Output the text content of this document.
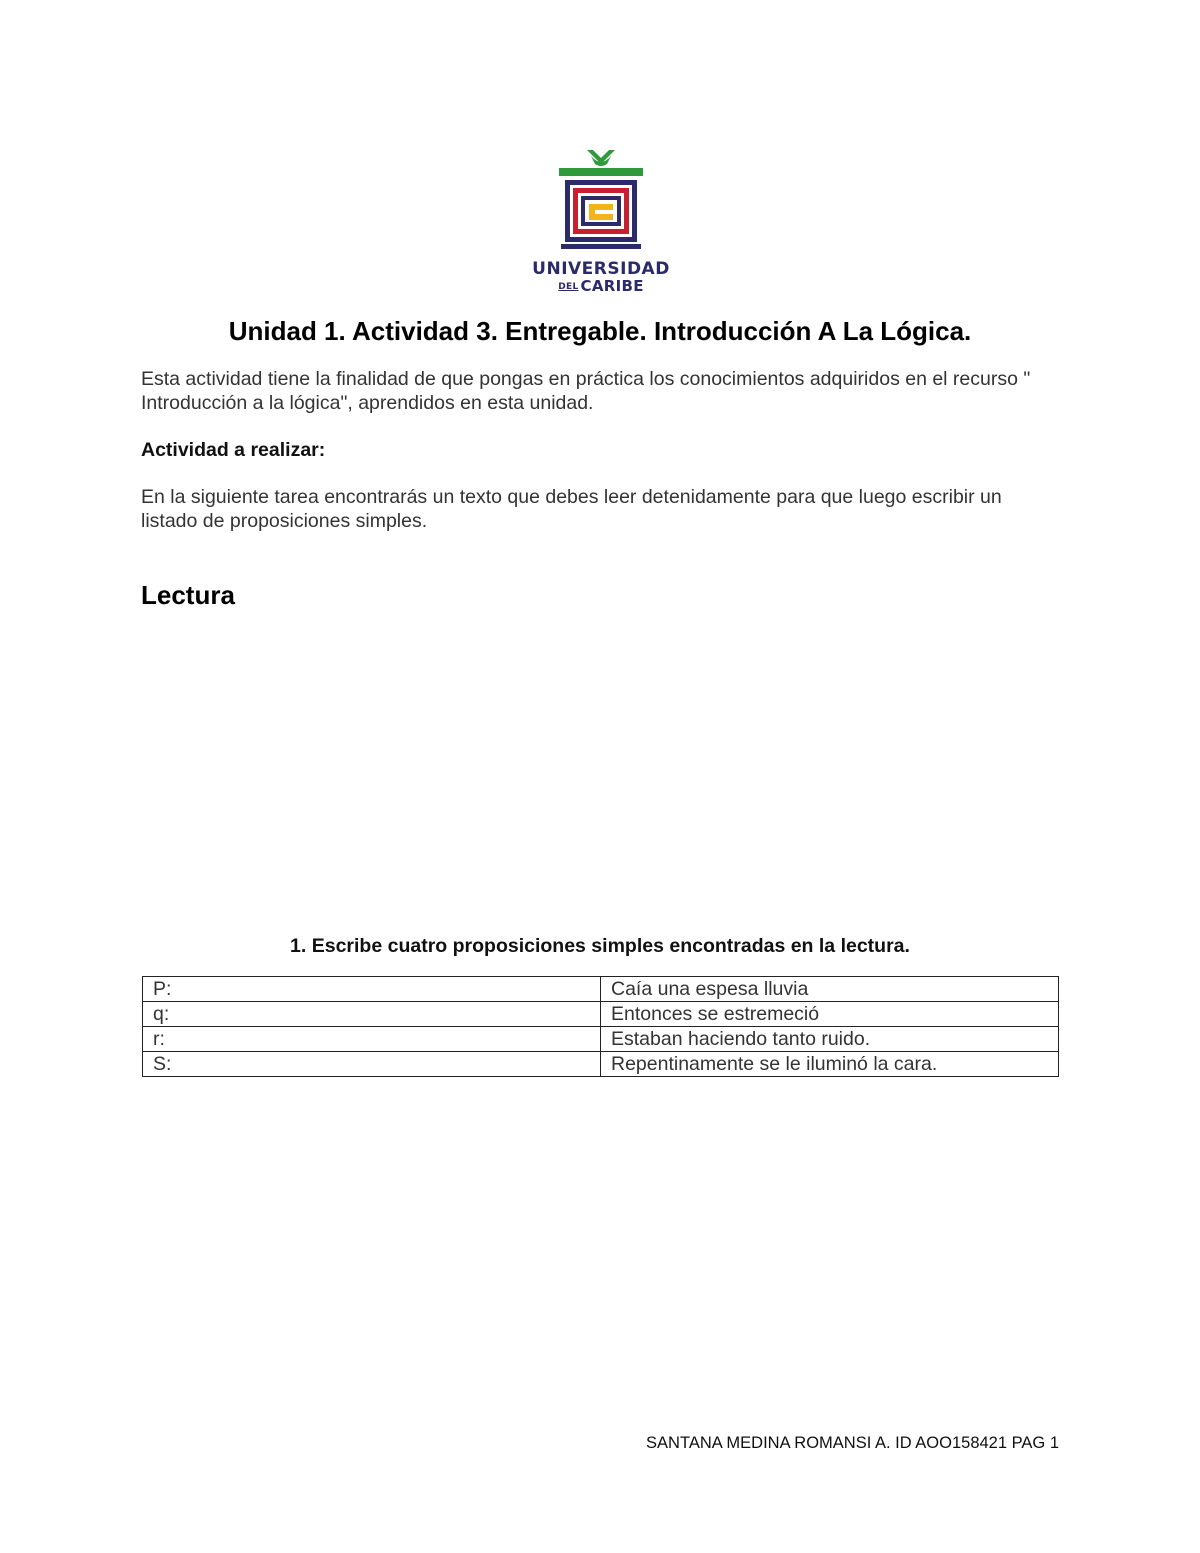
UNIVERSIDAD
DEL CARIBE
Unidad 1. Actividad 3. Entregable. Introducción A La Lógica.

Esta actividad tiene la finalidad de que pongas en práctica los conocimientos adquiridos en el recurso " Introducción a la lógica", aprendidos en esta unidad.

Actividad a realizar:

En la siguiente tarea encontrarás un texto que debes leer detenidamente para que luego escribir un listado de proposiciones simples.

Lectura

1. Escribe cuatro proposiciones simples encontradas en la lectura.

P:	Caía una espesa lluvia
q:	Entonces se estremeció
r:	Estaban haciendo tanto ruido.
S:	Repentinamente se le iluminó la cara.

SANTANA MEDINA ROMANSI A. ID AOO158421 PAG 1
